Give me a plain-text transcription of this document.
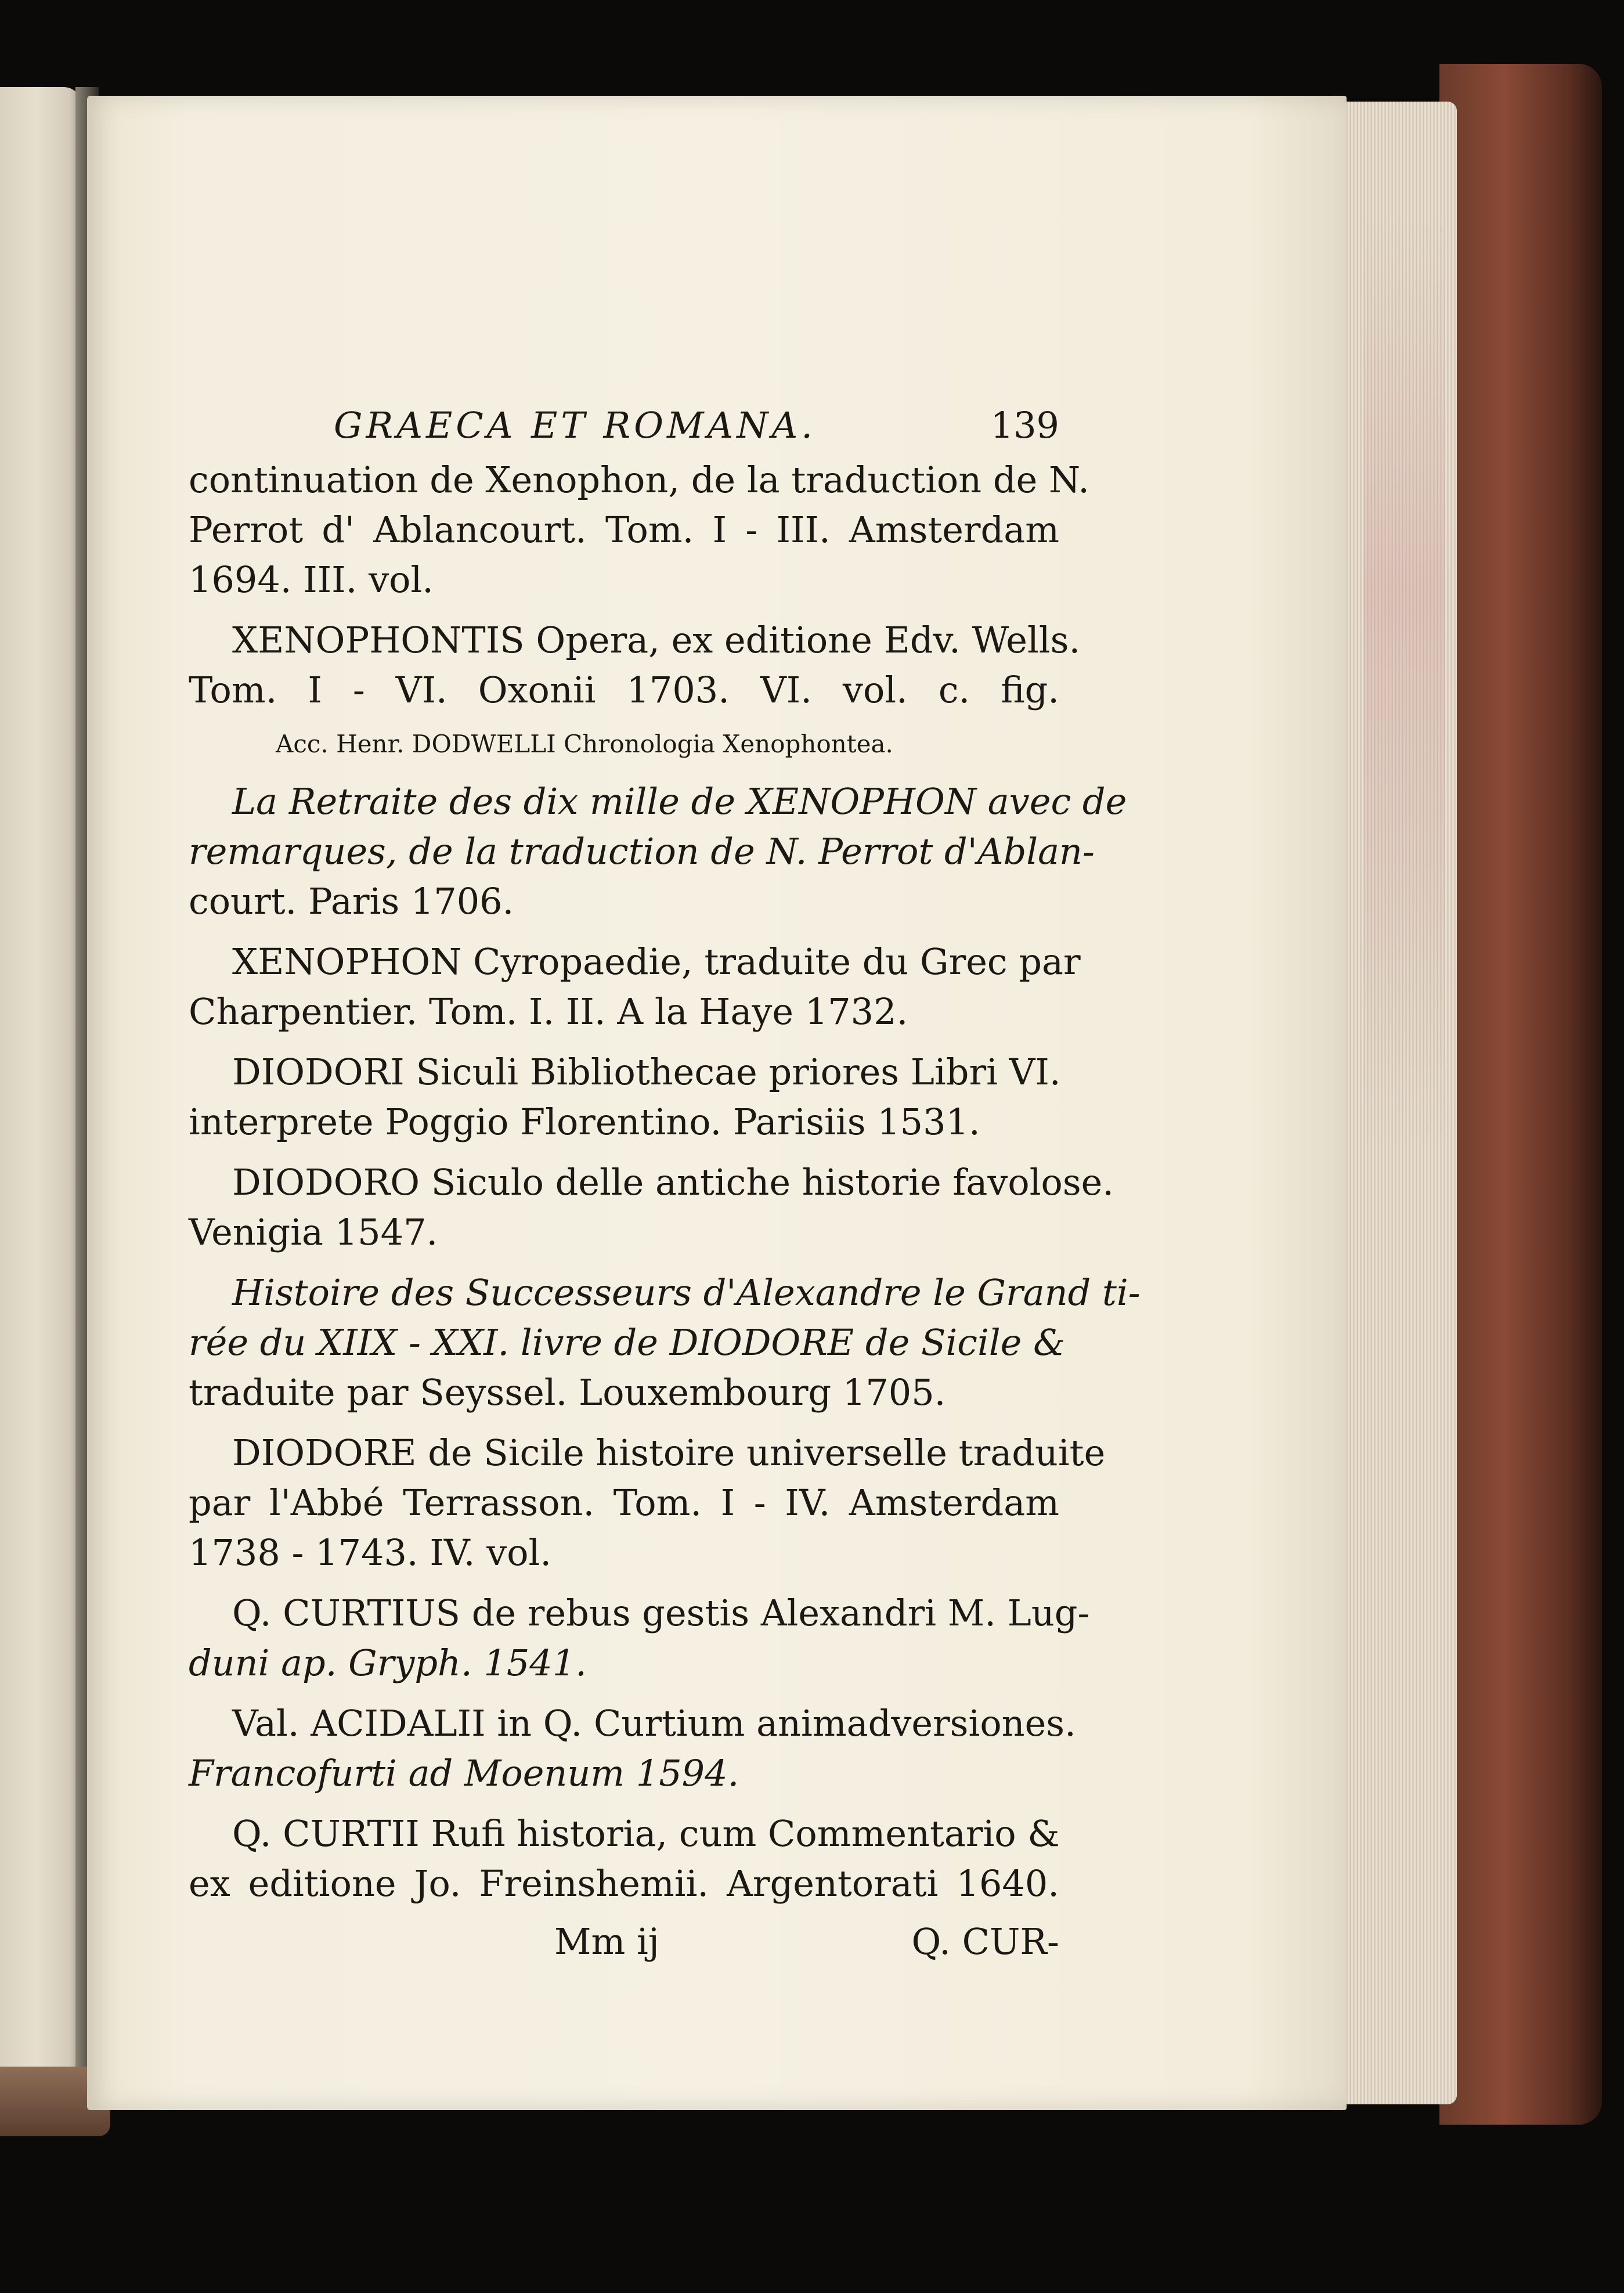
GRAECA ET ROMANA.	139
continuation de Xenophon, de la traduction de N.
Perrot d' Ablancourt. Tom. I - III. Amsterdam
1694. III. vol.
XENOPHONTIS Opera, ex editione Edv. Wells.
Tom. I - VI. Oxonii 1703. VI. vol. c. fig.
Acc. Henr. DODWELLI Chronologia Xenophontea.
La Retraite des dix mille de XENOPHON avec de
remarques, de la traduction de N. Perrot d'Ablan-
court. Paris 1706.
XENOPHON Cyropaedie, traduite du Grec par
Charpentier. Tom. I. II. A la Haye 1732.
DIODORI Siculi Bibliothecae priores Libri VI.
interprete Poggio Florentino. Parisiis 1531.
DIODORO Siculo delle antiche historie favolose.
Venigia 1547.
Histoire des Successeurs d'Alexandre le Grand ti-
rée du XIIX - XXI. livre de DIODORE de Sicile &
traduite par Seyssel. Louxembourg 1705.
DIODORE de Sicile histoire universelle traduite
par l'Abbé Terrasson. Tom. I - IV. Amsterdam
1738 - 1743. IV. vol.
Q. CURTIUS de rebus gestis Alexandri M. Lug-
duni ap. Gryph. 1541.
Val. ACIDALII in Q. Curtium animadversiones.
Francofurti ad Moenum 1594.
Q. CURTII Rufi historia, cum Commentario &
ex editione Jo. Freinshemii. Argentorati 1640.
Mm ij	Q. CUR-
